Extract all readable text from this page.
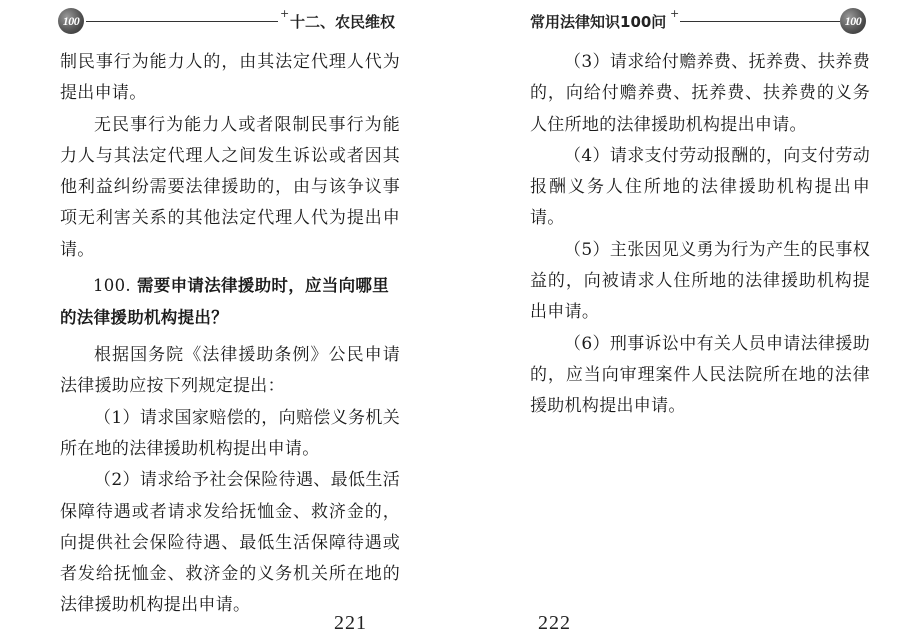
100
+ 十二、农民维权

制民事行为能力人的，由其法定代理人代为提出申请。

无民事行为能力人或者限制民事行为能力人与其法定代理人之间发生诉讼或者因其他利益纠纷需要法律援助的，由与该争议事项无利害关系的其他法定代理人代为提出申请。

100. 需要申请法律援助时，应当向哪里的法律援助机构提出？

根据国务院《法律援助条例》公民申请法律援助应按下列规定提出：

（1）请求国家赔偿的，向赔偿义务机关所在地的法律援助机构提出申请。

（2）请求给予社会保险待遇、最低生活保障待遇或者请求发给抚恤金、救济金的，向提供社会保险待遇、最低生活保障待遇或者发给抚恤金、救济金的义务机关所在地的法律援助机构提出申请。

221
常用法律知识100问 +
100

（3）请求给付赡养费、抚养费、扶养费的，向给付赡养费、抚养费、扶养费的义务人住所地的法律援助机构提出申请。

（4）请求支付劳动报酬的，向支付劳动报酬义务人住所地的法律援助机构提出申请。

（5）主张因见义勇为行为产生的民事权益的，向被请求人住所地的法律援助机构提出申请。

（6）刑事诉讼中有关人员申请法律援助的，应当向审理案件人民法院所在地的法律援助机构提出申请。

222
